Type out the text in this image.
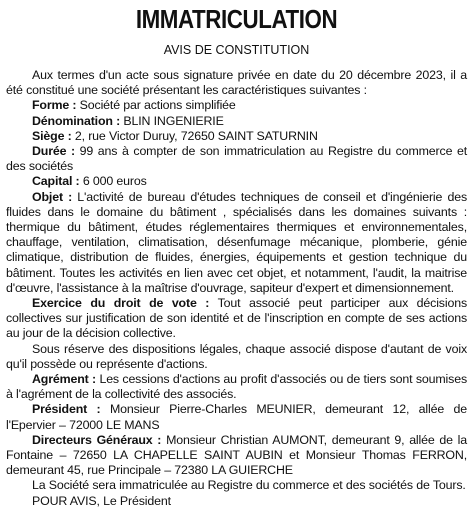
IMMATRICULATION
AVIS DE CONSTITUTION

Aux termes d'un acte sous signature privée en date du 20 décembre 2023, il a été constitué une société présentant les caractéristiques suivantes :

Forme : Société par actions simplifiée

Dénomination : BLIN INGENIERIE

Siège : 2, rue Victor Duruy, 72650 SAINT SATURNIN

Durée : 99 ans à compter de son immatriculation au Registre du commerce et des sociétés

Capital : 6 000 euros

Objet : L'activité de bureau d'études techniques de conseil et d'ingénierie des fluides dans le domaine du bâtiment , spécialisés dans les domaines suivants : thermique du bâtiment, études réglementaires thermiques et environnementales, chauffage, ventilation, climatisation, désenfumage mécanique, plomberie, génie climatique, distribution de fluides, énergies, équipements et gestion technique du bâtiment. Toutes les activités en lien avec cet objet, et notamment, l'audit, la maitrise d'œuvre, l'assistance à la maîtrise d'ouvrage, sapiteur d'expert et dimensionnement.

Exercice du droit de vote : Tout associé peut participer aux décisions collectives sur justification de son identité et de l'inscription en compte de ses actions au jour de la décision collective.

Sous réserve des dispositions légales, chaque associé dispose d'autant de voix qu'il possède ou représente d'actions.

Agrément : Les cessions d'actions au profit d'associés ou de tiers sont soumises à l'agrément de la collectivité des associés.

Président : Monsieur Pierre-Charles MEUNIER, demeurant 12, allée de l'Epervier – 72000 LE MANS

Directeurs Généraux : Monsieur Christian AUMONT, demeurant 9, allée de la Fontaine – 72650 LA CHAPELLE SAINT AUBIN et Monsieur Thomas FERRON, demeurant 45, rue Principale – 72380 LA GUIERCHE

La Société sera immatriculée au Registre du commerce et des sociétés de Tours.

POUR AVIS, Le Président
